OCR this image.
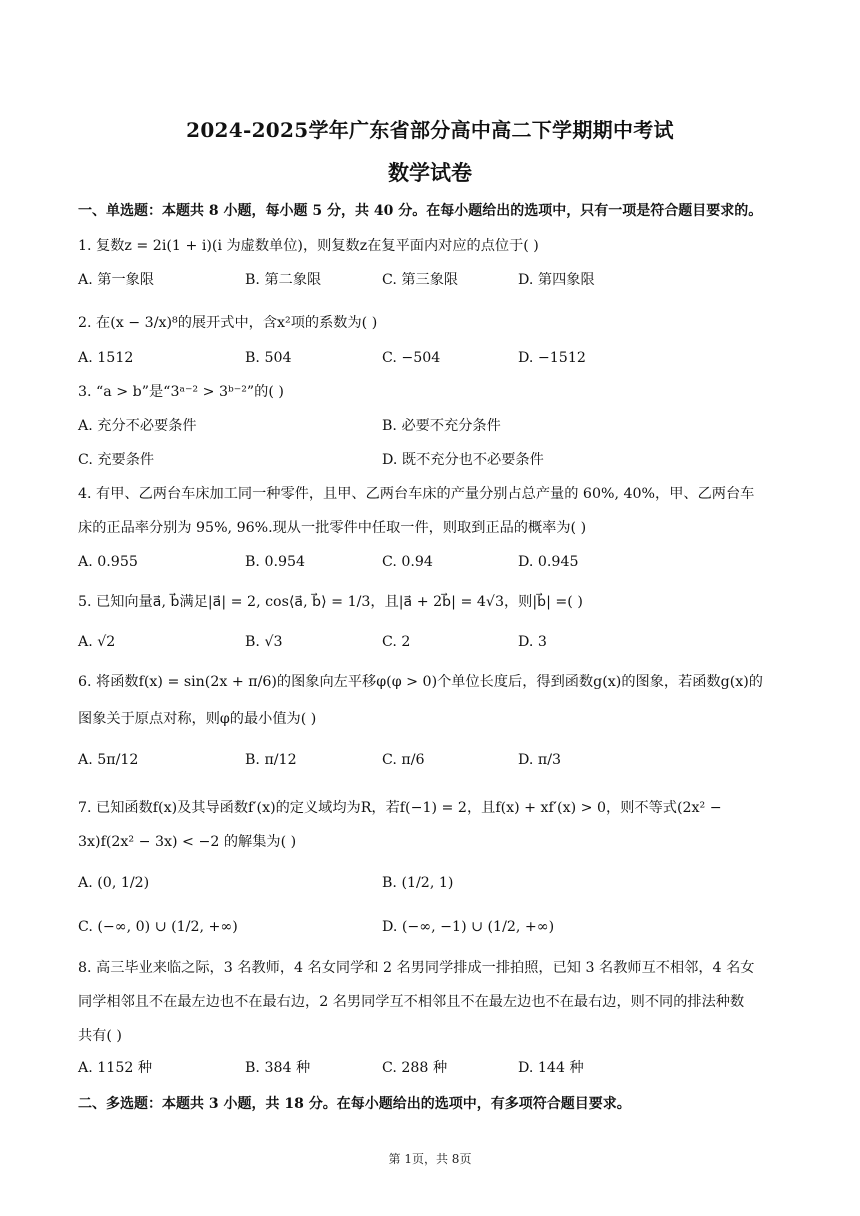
2024-2025学年广东省部分高中高二下学期期中考试
数学试卷
一、单选题：本题共 8 小题，每小题 5 分，共 40 分。在每小题给出的选项中，只有一项是符合题目要求的。
1. 复数z = 2i(1 + i)(i 为虚数单位)，则复数z在复平面内对应的点位于( )
A. 第一象限	B. 第二象限	C. 第三象限	D. 第四象限
2. 在(x − 3/x)⁸的展开式中，含x²项的系数为( )
A. 1512	B. 504	C. −504	D. −1512
3. “a > b”是“3ᵃ⁻² > 3ᵇ⁻²”的( )
A. 充分不必要条件	B. 必要不充分条件
C. 充要条件	D. 既不充分也不必要条件
4. 有甲、乙两台车床加工同一种零件，且甲、乙两台车床的产量分别占总产量的 60%, 40%，甲、乙两台车
床的正品率分别为 95%, 96%.现从一批零件中任取一件，则取到正品的概率为( )
A. 0.955	B. 0.954	C. 0.94	D. 0.945
5. 已知向量a⃗, b⃗满足|a⃗| = 2, cos⟨a⃗, b⃗⟩ = 1/3，且|a⃗ + 2b⃗| = 4√3，则|b⃗| =( )
A. √2	B. √3	C. 2	D. 3
6. 将函数f(x) = sin(2x + π/6)的图象向左平移φ(φ > 0)个单位长度后，得到函数g(x)的图象，若函数g(x)的
图象关于原点对称，则φ的最小值为( )
A. 5π/12	B. π/12	C. π/6	D. π/3
7. 已知函数f(x)及其导函数f′(x)的定义域均为R，若f(−1) = 2，且f(x) + xf′(x) > 0，则不等式(2x² −
3x)f(2x² − 3x) < −2 的解集为( )
A. (0, 1/2)	B. (1/2, 1)
C. (−∞, 0) ∪ (1/2, +∞)	D. (−∞, −1) ∪ (1/2, +∞)
8. 高三毕业来临之际，3 名教师，4 名女同学和 2 名男同学排成一排拍照，已知 3 名教师互不相邻，4 名女
同学相邻且不在最左边也不在最右边，2 名男同学互不相邻且不在最左边也不在最右边，则不同的排法种数
共有( )
A. 1152 种	B. 384 种	C. 288 种	D. 144 种
二、多选题：本题共 3 小题，共 18 分。在每小题给出的选项中，有多项符合题目要求。
第 1页，共 8页
